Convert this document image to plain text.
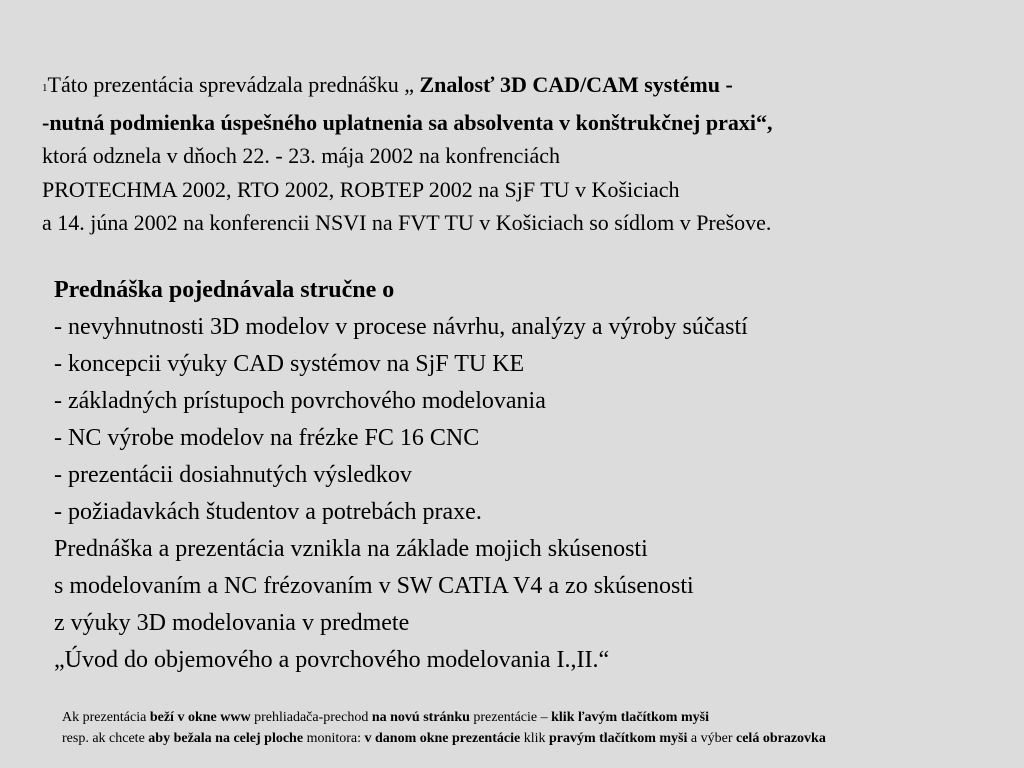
1Táto prezentácia sprevádzala prednášku „ Znalosť 3D CAD/CAM systému -
-nutná podmienka úspešného uplatnenia sa absolventa v konštrukčnej praxi“,
ktorá odznela v dňoch 22. - 23. mája 2002 na konfrenciách
PROTECHMA 2002, RTO 2002, ROBTEP 2002 na SjF TU v Košiciach
a 14. júna 2002 na konferencii NSVI na FVT TU v Košiciach so sídlom v Prešove.
Prednáška pojednávala stručne o
- nevyhnutnosti 3D modelov v procese návrhu, analýzy a výroby súčastí
- koncepcii výuky CAD systémov na SjF TU KE
- základných prístupoch povrchového modelovania
- NC výrobe modelov na frézke FC 16 CNC
- prezentácii dosiahnutých výsledkov
- požiadavkách študentov a potrebách praxe.
Prednáška a prezentácia vznikla na základe mojich skúsenosti
s modelovaním a NC frézovaním v SW CATIA V4 a zo skúsenosti
z výuky 3D modelovania v predmete
„Úvod do objemového a povrchového modelovania I.,II.“
Ak prezentácia beží v okne www prehliadača-prechod na novú stránku prezentácie – klik ľavým tlačítkom myši
resp. ak chcete aby bežala na celej ploche monitora: v danom okne prezentácie klik pravým tlačítkom myši a výber celá obrazovka
